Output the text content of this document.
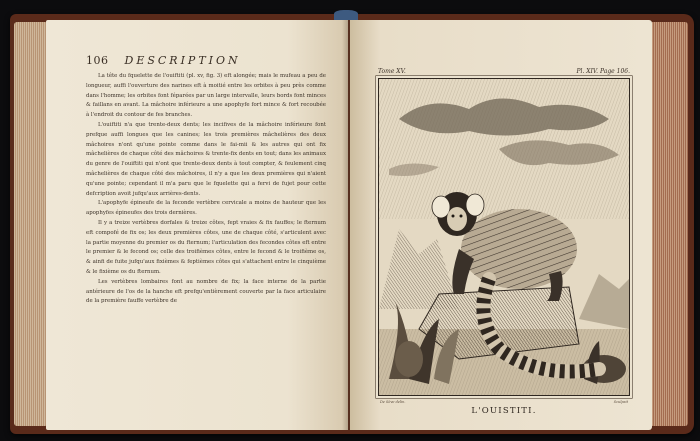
106 DESCRIPTION

La tête du fquelette de l'ouiftiti (pl. xv, fig. 3) eft alongée; mais le mufeau a peu de longueur, auffi l'ouverture des narines eft à moitié entre les orbites à peu près comme dans l'homme; les orbites font féparées par un large intervalle, leurs bords font minces & faillans en avant. La mâchoire inférieure a une apophyfe fort mince & fort recoubée à l'endroit du contour de fes branches.

L'ouiftiti n'a que trente-deux dents; les incifives de la mâchoire inférieure font prefque auffi longues que les canines; les trois premières mâchelières des deux mâchoires n'ont qu'une pointe comme dans le fai-mii & les autres qui ont fix mâchelières de chaque côté des mâchoires & trente-fix dents en tout; dans les animaux du genre de l'ouiftiti qui n'ont que trente-deux dents à tout compter, & feulement cinq mâchelières de chaque côté des mâchoires, il n'y a que les deux premières qui n'aient qu'une pointe; cependant il m'a paru que le fquelette qui a fervi de fujet pour cette defcription avoit jufqu'aux arrières-dents.

L'apophyfe épineufe de la feconde vertèbre cervicale a moins de hauteur que les apophyfes épineufes des trois dernières.

Il y a treize vertèbres dorfales & treize côtes, fept vraies & fix fauffes; le fternum eft compofé de fix os; les deux premières côtes, une de chaque côté, s'articulent avec la partie moyenne du premier os du fternum; l'articulation des fecondes côtes eft entre le premier & le fecond os; celle des troifièmes côtes, entre le fecond & le troifième os, & ainfi de fuite jufqu'aux fixièmes & feptièmes côtes qui s'attachent entre le cinquième & le fixième os du fternum.

Les vertèbres lombaires font au nombre de fix; la face interne de la partie antérieure de l'os de la hanche eft prefqu'entièrement couverte par la face articulaire de la première fauffe vertèbre de

Tome XV.	Pl. XIV. Page 106.
De Sève delin.	Sculpsit
L'OUISTITI.
